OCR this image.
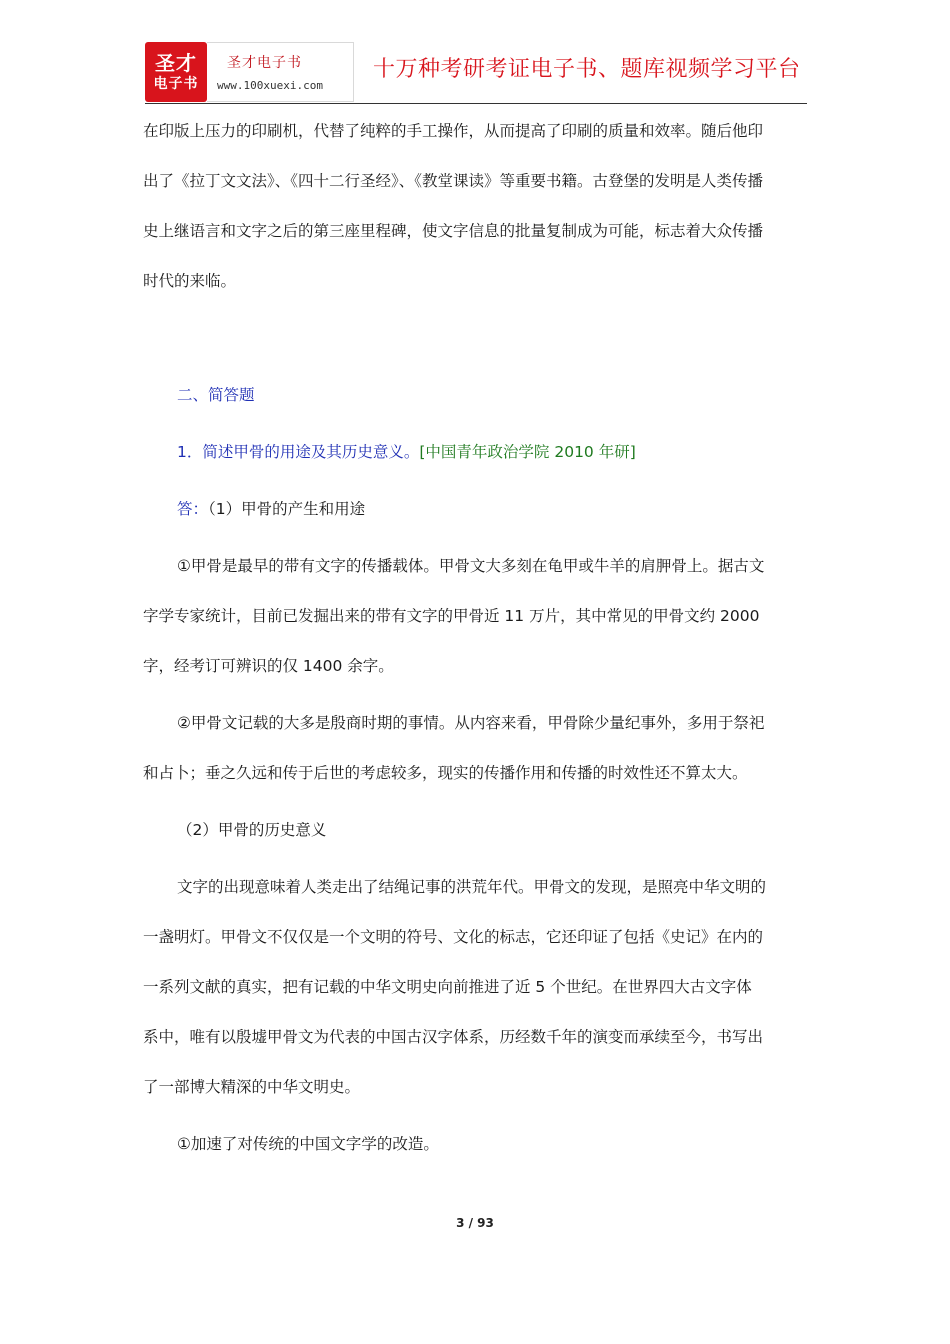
圣才
电子书
圣才电子书
www.100xuexi.com
十万种考研考证电子书、题库视频学习平台
在印版上压力的印刷机，代替了纯粹的手工操作，从而提高了印刷的质量和效率。随后他印
出了《拉丁文文法》、《四十二行圣经》、《教堂课读》等重要书籍。古登堡的发明是人类传播
史上继语言和文字之后的第三座里程碑，使文字信息的批量复制成为可能，标志着大众传播
时代的来临。
二、简答题
1．简述甲骨的用途及其历史意义。[中国青年政治学院 2010 年研]
答：（1）甲骨的产生和用途
①甲骨是最早的带有文字的传播载体。甲骨文大多刻在龟甲或牛羊的肩胛骨上。据古文
字学专家统计，目前已发掘出来的带有文字的甲骨近 11 万片，其中常见的甲骨文约 2000
字，经考订可辨识的仅 1400 余字。
②甲骨文记载的大多是殷商时期的事情。从内容来看，甲骨除少量纪事外，多用于祭祀
和占卜；垂之久远和传于后世的考虑较多，现实的传播作用和传播的时效性还不算太大。
（2）甲骨的历史意义
文字的出现意味着人类走出了结绳记事的洪荒年代。甲骨文的发现，是照亮中华文明的
一盏明灯。甲骨文不仅仅是一个文明的符号、文化的标志，它还印证了包括《史记》在内的
一系列文献的真实，把有记载的中华文明史向前推进了近 5 个世纪。在世界四大古文字体
系中，唯有以殷墟甲骨文为代表的中国古汉字体系，历经数千年的演变而承续至今，书写出
了一部博大精深的中华文明史。
①加速了对传统的中国文字学的改造。
3 / 93
